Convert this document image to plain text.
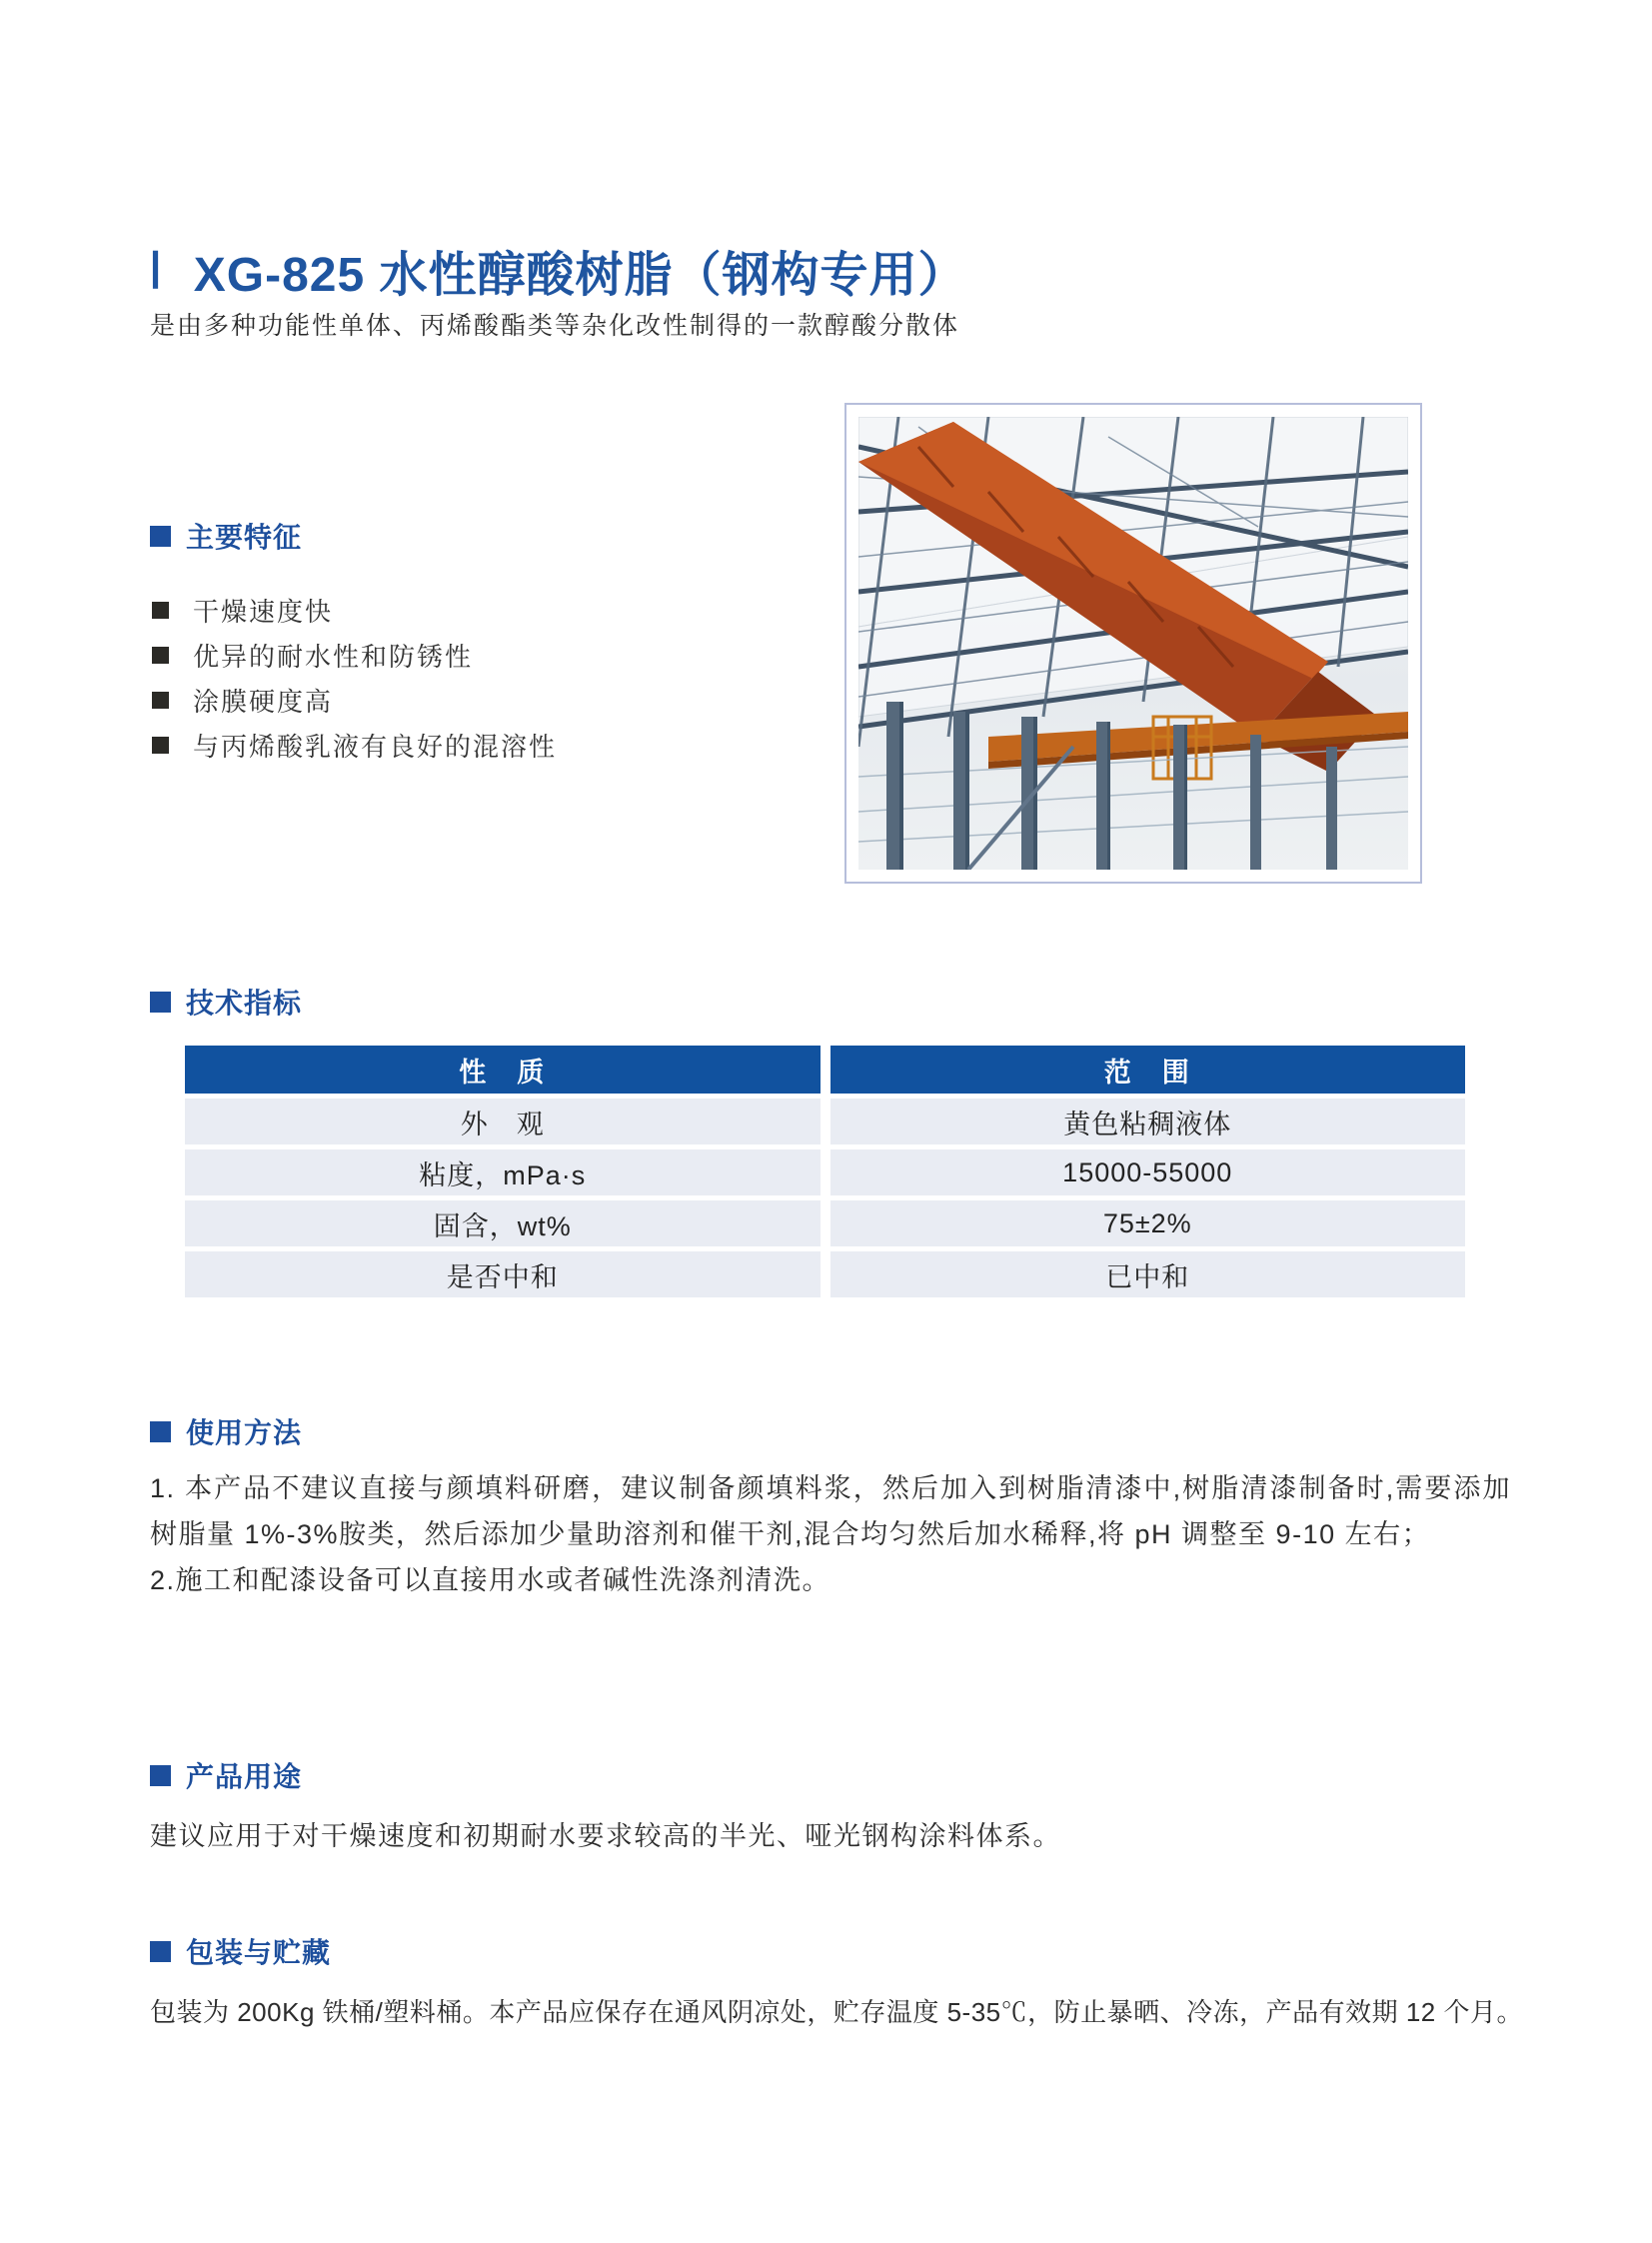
Ⅰ XG-825 水性醇酸树脂（钢构专用）
是由多种功能性单体、丙烯酸酯类等杂化改性制得的一款醇酸分散体
主要特征
干燥速度快
优异的耐水性和防锈性
涂膜硬度高
与丙烯酸乳液有良好的混溶性
技术指标
性　质	范　围
外　观	黄色粘稠液体
粘度，mPa·s	15000-55000
固含，wt%	75±2%
是否中和	已中和
使用方法

1. 本产品不建议直接与颜填料研磨，建议制备颜填料浆，然后加入到树脂清漆中,树脂清漆制备时,需要添加树脂量 1%-3%胺类，然后添加少量助溶剂和催干剂,混合均匀然后加水稀释,将 pH 调整至 9-10 左右；

2.施工和配漆设备可以直接用水或者碱性洗涤剂清洗。

产品用途
建议应用于对干燥速度和初期耐水要求较高的半光、哑光钢构涂料体系。
包装与贮藏
包装为 200Kg 铁桶/塑料桶。本产品应保存在通风阴凉处，贮存温度 5-35℃，防止暴晒、冷冻，产品有效期 12 个月。
